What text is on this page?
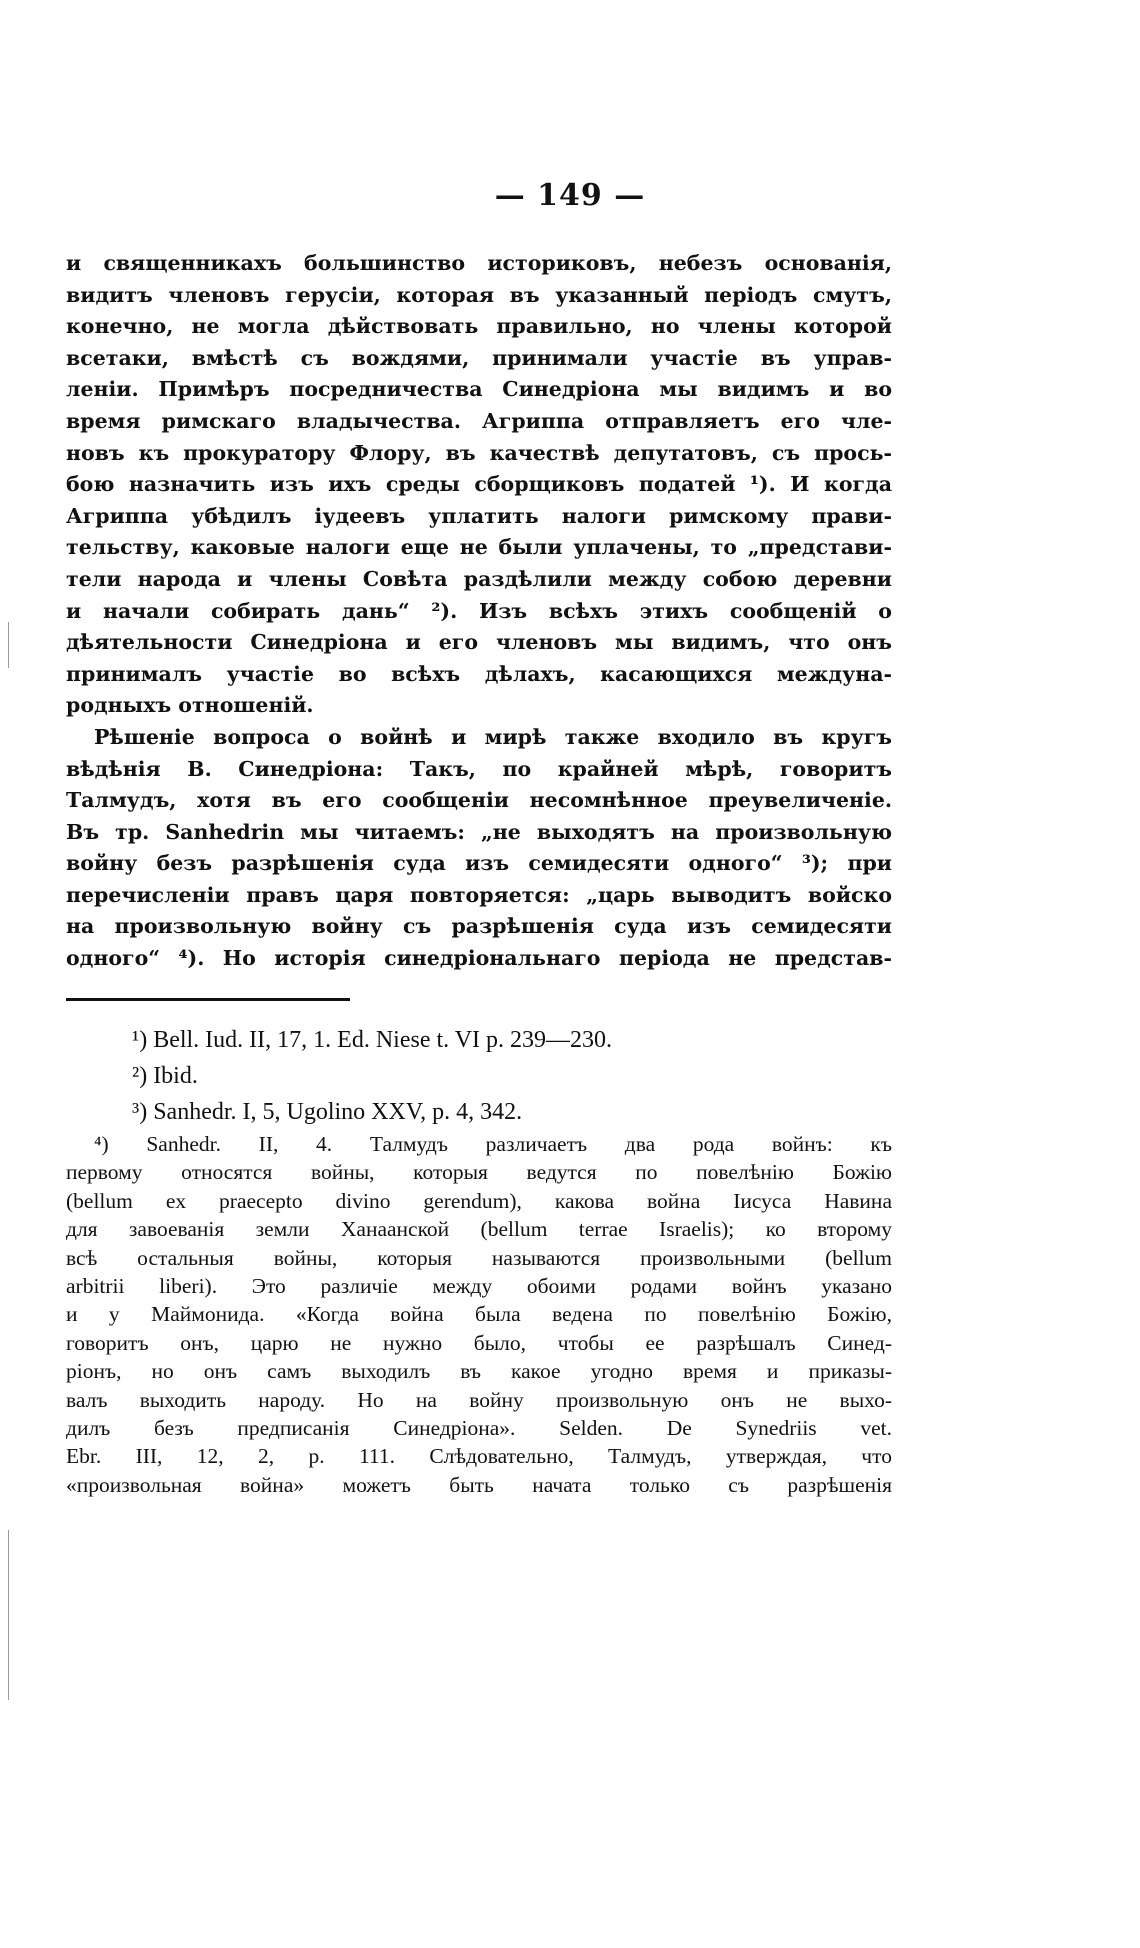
— 149 —
и священникахъ большинство историковъ, небезъ основанія,
видитъ членовъ герусіи, которая въ указанный періодъ смутъ,
конечно, не могла дѣйствовать правильно, но члены которой
всетаки, вмѣстѣ съ вождями, принимали участіе въ управ-
леніи. Примѣръ посредничества Синедріона мы видимъ и во
время римскаго владычества. Агриппа отправляетъ его чле-
новъ къ прокуратору Флору, въ качествѣ депутатовъ, съ прось-
бою назначить изъ ихъ среды сборщиковъ податей ¹). И когда
Агриппа убѣдилъ іудеевъ уплатить налоги римскому прави-
тельству, каковые налоги еще не были уплачены, то „представи-
тели народа и члены Совѣта раздѣлили между собою деревни
и начали собирать дань“ ²). Изъ всѣхъ этихъ сообщеній о
дѣятельности Синедріона и его членовъ мы видимъ, что онъ
принималъ участіе во всѣхъ дѣлахъ, касающихся междуна-
родныхъ отношеній.
Рѣшеніе вопроса о войнѣ и мирѣ также входило въ кругъ
вѣдѣнія В. Синедріона: Такъ, по крайней мѣрѣ, говоритъ
Талмудъ, хотя въ его сообщеніи несомнѣнное преувеличеніе.
Въ тр. Sanhedrin мы читаемъ: „не выходятъ на произвольную
войну безъ разрѣшенія суда изъ семидесяти одного“ ³); при
перечисленіи правъ царя повторяется: „царь выводитъ войско
на произвольную войну съ разрѣшенія суда изъ семидесяти
одного“ ⁴). Но исторія синедріональнаго періода не представ-
¹) Bell. Iud. II, 17, 1. Ed. Niese t. VI p. 239—230.
²) Ibid.
³) Sanhedr. I, 5, Ugolino XXV, p. 4, 342.
⁴) Sanhedr. II, 4. Талмудъ различаетъ два рода войнъ: къ
первому относятся войны, которыя ведутся по повелѣнію Божію
(bellum ex praecepto divino gerendum), какова война Іисуса Навина
для завоеванія земли Ханаанской (bellum terrae Israelis); ко второму
всѣ остальныя войны, которыя называются произвольными (bellum
arbitrii liberi). Это различіе между обоими родами войнъ указано
и у Маймонида. «Когда война была ведена по повелѣнію Божію,
говоритъ онъ, царю не нужно было, чтобы ее разрѣшалъ Синед-
ріонъ, но онъ самъ выходилъ въ какое угодно время и приказы-
валъ выходить народу. Но на войну произвольную онъ не выхо-
дилъ безъ предписанія Синедріона». Selden. De Synedriis vet.
Ebr. III, 12, 2, p. 111. Слѣдовательно, Талмудъ, утверждая, что
«произвольная война» можетъ быть начата только съ разрѣшенія
